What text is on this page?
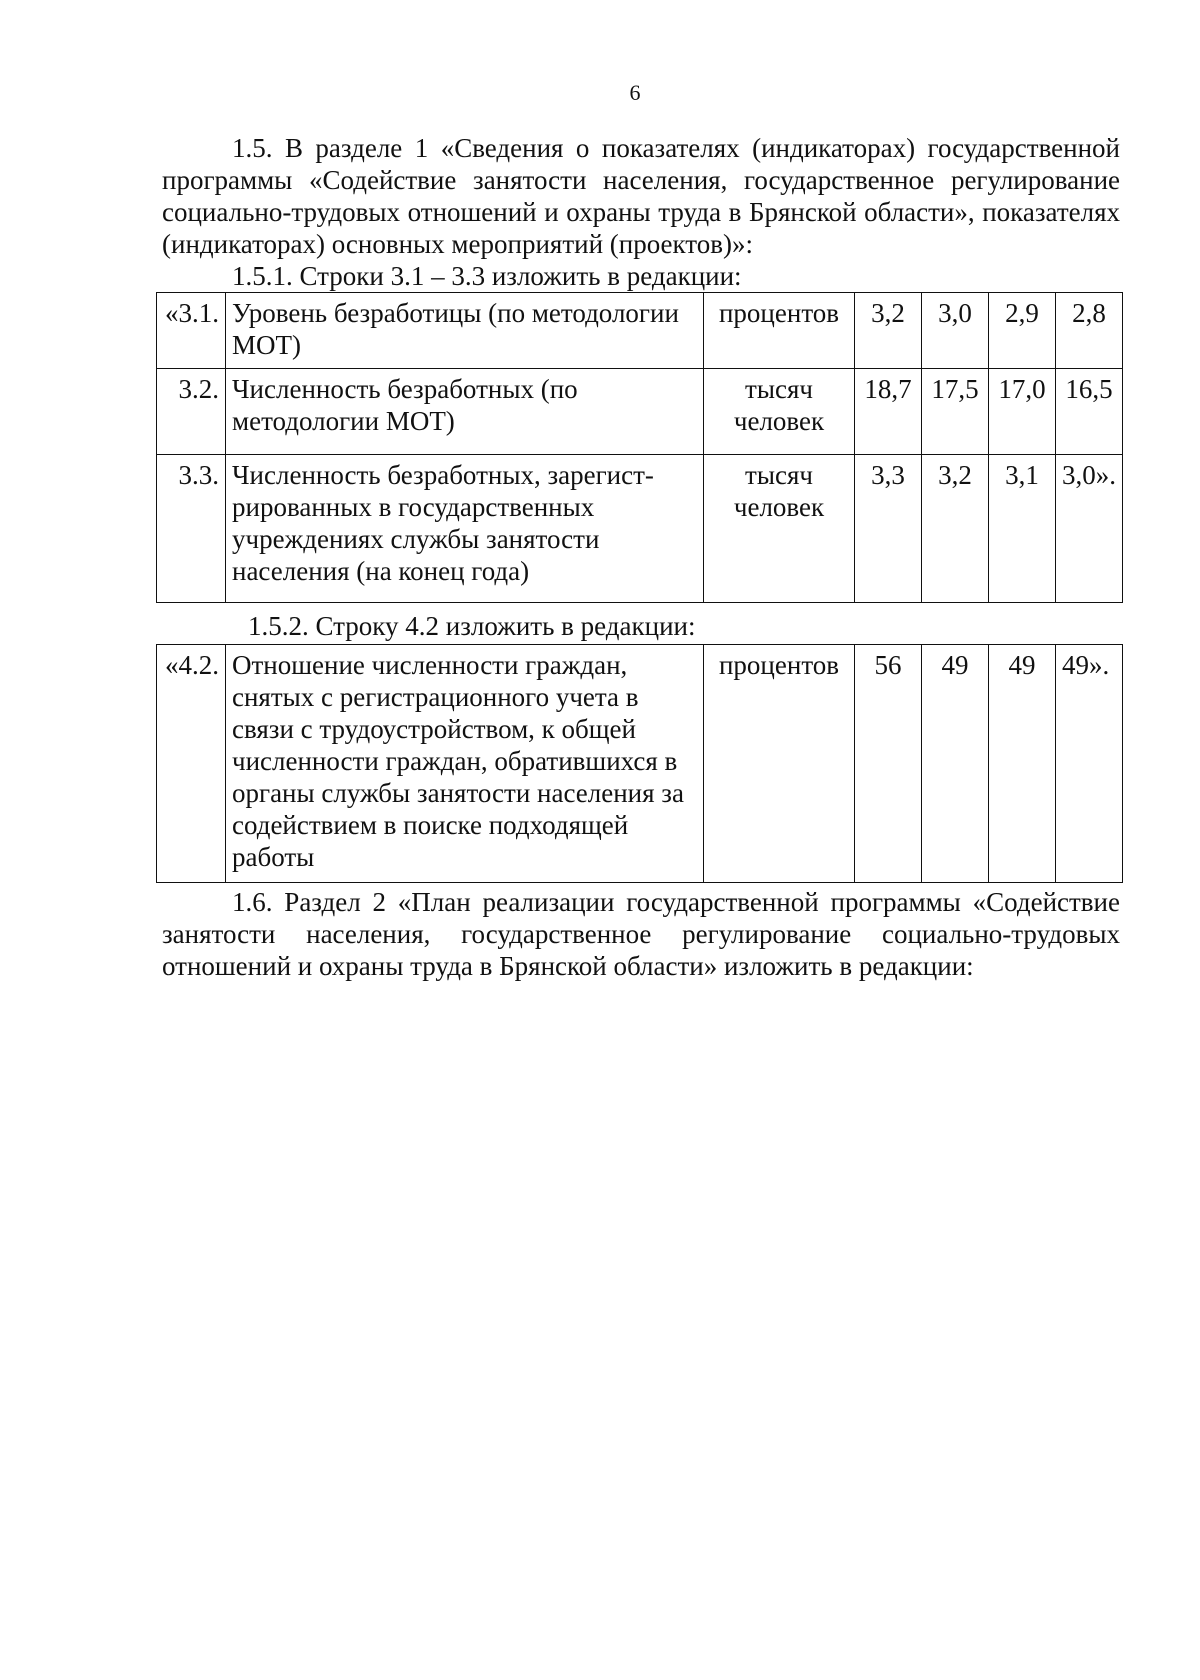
6

1.5. В разделе 1 «Сведения о показателях (индикаторах) государственной программы «Содействие занятости населения, государственное регулирование социально-трудовых отношений и охраны труда в Брянской области», показателях (индикаторах) основных мероприятий (проектов)»:

1.5.1. Строки 3.1 – 3.3 изложить в редакции:

«3.1.	Уровень безработицы (по методологии МОТ)	процентов	3,2	3,0	2,9	2,8
3.2.	Численность безработных (по методологии МОТ)	тысяч человек	18,7	17,5	17,0	16,5
3.3.	Численность безработных, зарегист-рированных в государственных учреждениях службы занятости населения (на конец года)	тысяч человек	3,3	3,2	3,1	3,0».

1.5.2. Строку 4.2 изложить в редакции:

«4.2.	Отношение численности граждан, снятых с регистрационного учета в связи с трудоустройством, к общей численности граждан, обратившихся в органы службы занятости населения за содействием в поиске подходящей работы	процентов	56	49	49	49».

1.6. Раздел 2 «План реализации государственной программы «Содействие занятости населения, государственное регулирование социально-трудовых отношений и охраны труда в Брянской области» изложить в редакции:
